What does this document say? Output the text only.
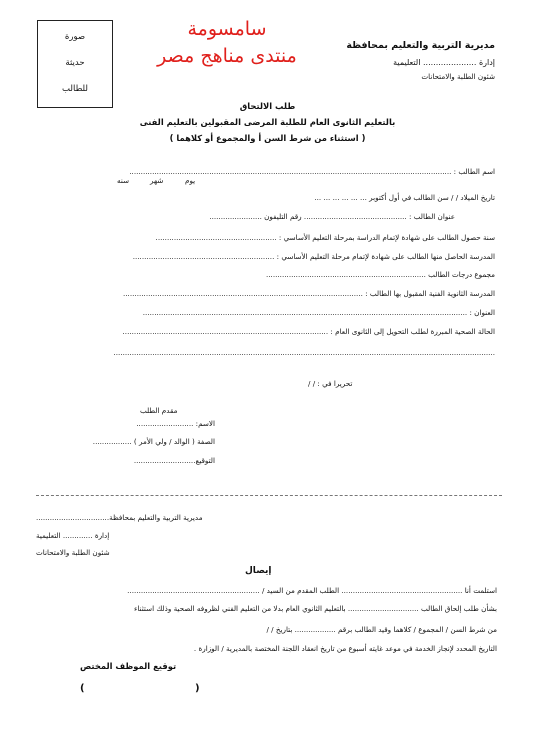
صورة
حديثة
للطالب
سامسومة
منتدى مناهج مصر	مديرية التربية والتعليم بمحافظة
إدارة ..................... التعليمية
شئون الطلبة والامتحانات
طلب الالتحاق
بالتعليم الثانوى العام للطلبة المرضى المقبولين بالتعليم الفنى
( استثناء من شرط السن أ والمجموع أو كلاهما )
اسم الطالب : .............................................................................................................................................
يوم
شهر
سنه
تاريخ الميلاد / / سن الطالب في أول أكتوبر ... ... ... ... ... ...
عنوان الطالب : ............................................. رقم التليفون .......................
سنة حصول الطالب على شهادة لإتمام الدراسة بمرحلة التعليم الأساسي : .....................................................
المدرسة الحاصل منها الطالب على شهادة لإتمام مرحلة التعليم الأساسي : ..............................................................
مجموع درجات الطالب ......................................................................
المدرسة الثانوية الفنية المقبول بها الطالب : .........................................................................................................
العنوان : ..............................................................................................................................................
الحالة الصحية المبررة لطلب التحويل إلى الثانوى العام : ..........................................................................................
.......................................................................................................................................................................
تحريرا في : / /
مقدم الطلب
الاسم: .........................
الصفة ( الوالد / ولي الأمر ) .................
التوقيع...........................
مديرية التربية والتعليم بمحافظة................................
إدارة ............. التعليمية
شئون الطلبة والامتحانات
إيصال
استلمت أنا ..................................................... الطلب المقدم من السيد / ..........................................................
بشأن طلب إلحاق الطالب ............................... بالتعليم الثانوي العام بدلا من التعليم الفني لظروفه الصحية وذلك استثناء
من شرط السن / المجموع / كلاهما وقيد الطالب برقم .................. بتاريخ / /
التاريخ المحدد لإنجاز الخدمة في موعد غايته أسبوع من تاريخ انعقاد اللجنة المختصة بالمديرية / الوزارة .
توقيع الموظف المختص
(	)
